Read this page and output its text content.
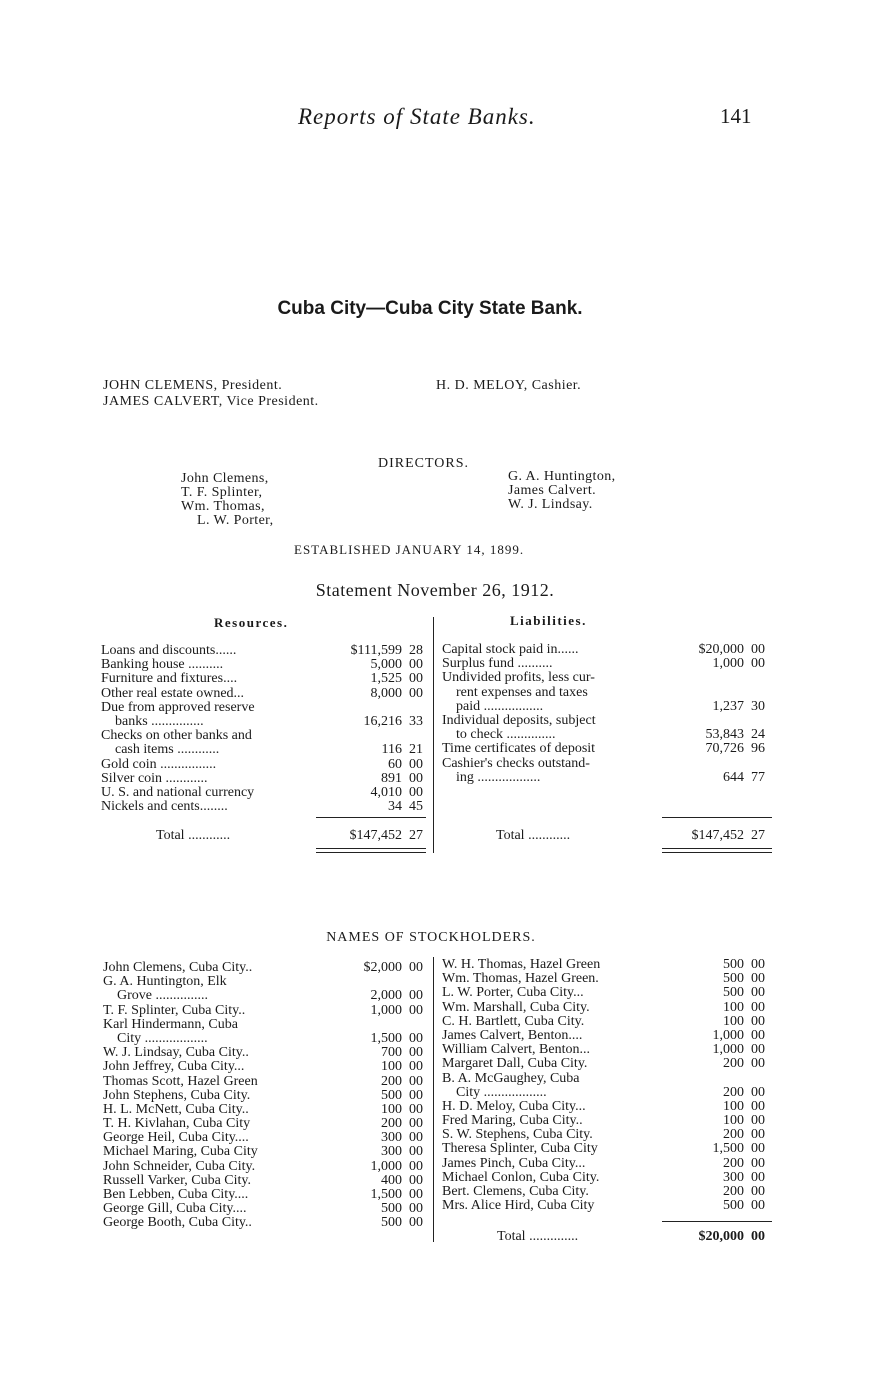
Reports of State Banks.	141
Cuba City—Cuba City State Bank.
JOHN CLEMENS, President.
JAMES CALVERT, Vice President.
H. D. MELOY, Cashier.
DIRECTORS.
John Clemens,
T. F. Splinter,
Wm. Thomas,
L. W. Porter,
G. A. Huntington,
James Calvert.
W. J. Lindsay.
ESTABLISHED JANUARY 14, 1899.
Statement November 26, 1912.
Resources.	Liabilities.
Loans and discounts......	$111,599 28
Banking house ..........	5,000 00
Furniture and fixtures....	1,525 00
Other real estate owned...	8,000 00
Due from approved reserve
 banks ...............	16,216 33
Checks on other banks and
 cash items ............	116 21
Gold coin ................	60 00
Silver coin ............	891 00
U. S. and national currency	4,010 00
Nickels and cents........	34 45
Total ............	$147,452 27
Capital stock paid in......	$20,000 00
Surplus fund ..........	1,000 00
Undivided profits, less cur-
 rent expenses and taxes
 paid .................	1,237 30
Individual deposits, subject
 to check ..............	53,843 24
Time certificates of deposit	70,726 96
Cashier's checks outstand-
 ing ..................	644 77
Total ............	$147,452 27
NAMES OF STOCKHOLDERS.
John Clemens, Cuba City..	$2,000 00
G. A. Huntington, Elk
 Grove ...............	2,000 00
T. F. Splinter, Cuba City..	1,000 00
Karl Hindermann, Cuba
 City ..................	1,500 00
W. J. Lindsay, Cuba City..	700 00
John Jeffrey, Cuba City...	100 00
Thomas Scott, Hazel Green	200 00
John Stephens, Cuba City.	500 00
H. L. McNett, Cuba City..	100 00
T. H. Kivlahan, Cuba City	200 00
George Heil, Cuba City....	300 00
Michael Maring, Cuba City	300 00
John Schneider, Cuba City.	1,000 00
Russell Varker, Cuba City.	400 00
Ben Lebben, Cuba City....	1,500 00
George Gill, Cuba City....	500 00
George Booth, Cuba City..	500 00
W. H. Thomas, Hazel Green	500 00
Wm. Thomas, Hazel Green.	500 00
L. W. Porter, Cuba City...	500 00
Wm. Marshall, Cuba City.	100 00
C. H. Bartlett, Cuba City.	100 00
James Calvert, Benton....	1,000 00
William Calvert, Benton...	1,000 00
Margaret Dall, Cuba City.	200 00
B. A. McGaughey, Cuba
 City ..................	200 00
H. D. Meloy, Cuba City...	100 00
Fred Maring, Cuba City..	100 00
S. W. Stephens, Cuba City.	200 00
Theresa Splinter, Cuba City	1,500 00
James Pinch, Cuba City...	200 00
Michael Conlon, Cuba City.	300 00
Bert. Clemens, Cuba City.	200 00
Mrs. Alice Hird, Cuba City	500 00
Total ..............	$20,000 00
